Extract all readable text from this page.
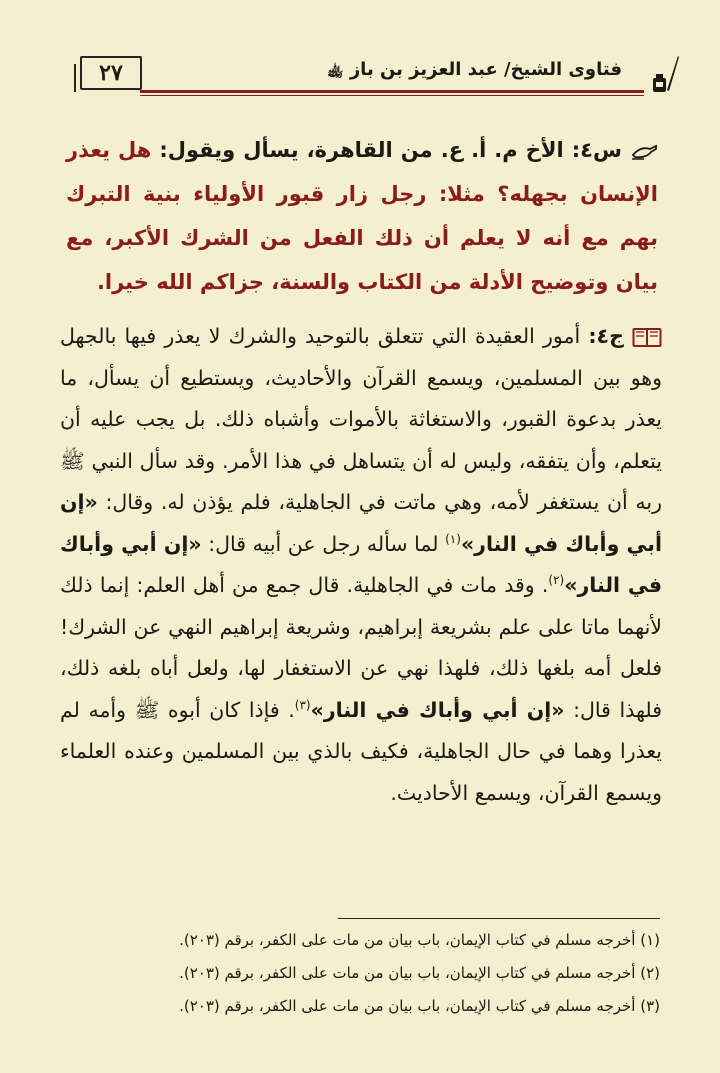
٢٧	فتاوى الشيخ/ عبد العزيز بن باز ﵀
س٤: الأخ م. أ. ع. من القاهرة، يسأل ويقول: هل يعذر الإنسان بجهله؟ مثلا: رجل زار قبور الأولياء بنية التبرك بهم مع أنه لا يعلم أن ذلك الفعل من الشرك الأكبر، مع بيان وتوضيح الأدلة من الكتاب والسنة، جزاكم الله خيرا.
ج٤: أمور العقيدة التي تتعلق بالتوحيد والشرك لا يعذر فيها بالجهل وهو بين المسلمين، ويسمع القرآن والأحاديث، ويستطيع أن يسأل، ما يعذر بدعوة القبور، والاستغاثة بالأموات وأشباه ذلك. بل يجب عليه أن يتعلم، وأن يتفقه، وليس له أن يتساهل في هذا الأمر. وقد سأل النبي ﷺ ربه أن يستغفر لأمه، وهي ماتت في الجاهلية، فلم يؤذن له. وقال: «إن أبي وأباك في النار»$^{(١)}$ لما سأله رجل عن أبيه قال: «إن أبي وأباك في النار»$^{(٢)}$. وقد مات في الجاهلية. قال جمع من أهل العلم: إنما ذلك لأنهما ماتا على علم بشريعة إبراهيم، وشريعة إبراهيم النهي عن الشرك! فلعل أمه بلغها ذلك، فلهذا نهي عن الاستغفار لها، ولعل أباه بلغه ذلك، فلهذا قال: «إن أبي وأباك في النار»$^{(٣)}$. فإذا كان أبوه ﷺ وأمه لم يعذرا وهما في حال الجاهلية، فكيف بالذي بين المسلمين وعنده العلماء ويسمع القرآن، ويسمع الأحاديث.
(١) أخرجه مسلم في كتاب الإيمان، باب بيان من مات على الكفر، برقم (٢٠٣).
(٢) أخرجه مسلم في كتاب الإيمان، باب بيان من مات على الكفر، برقم (٢٠٣).
(٣) أخرجه مسلم في كتاب الإيمان، باب بيان من مات على الكفر، برقم (٢٠٣).
